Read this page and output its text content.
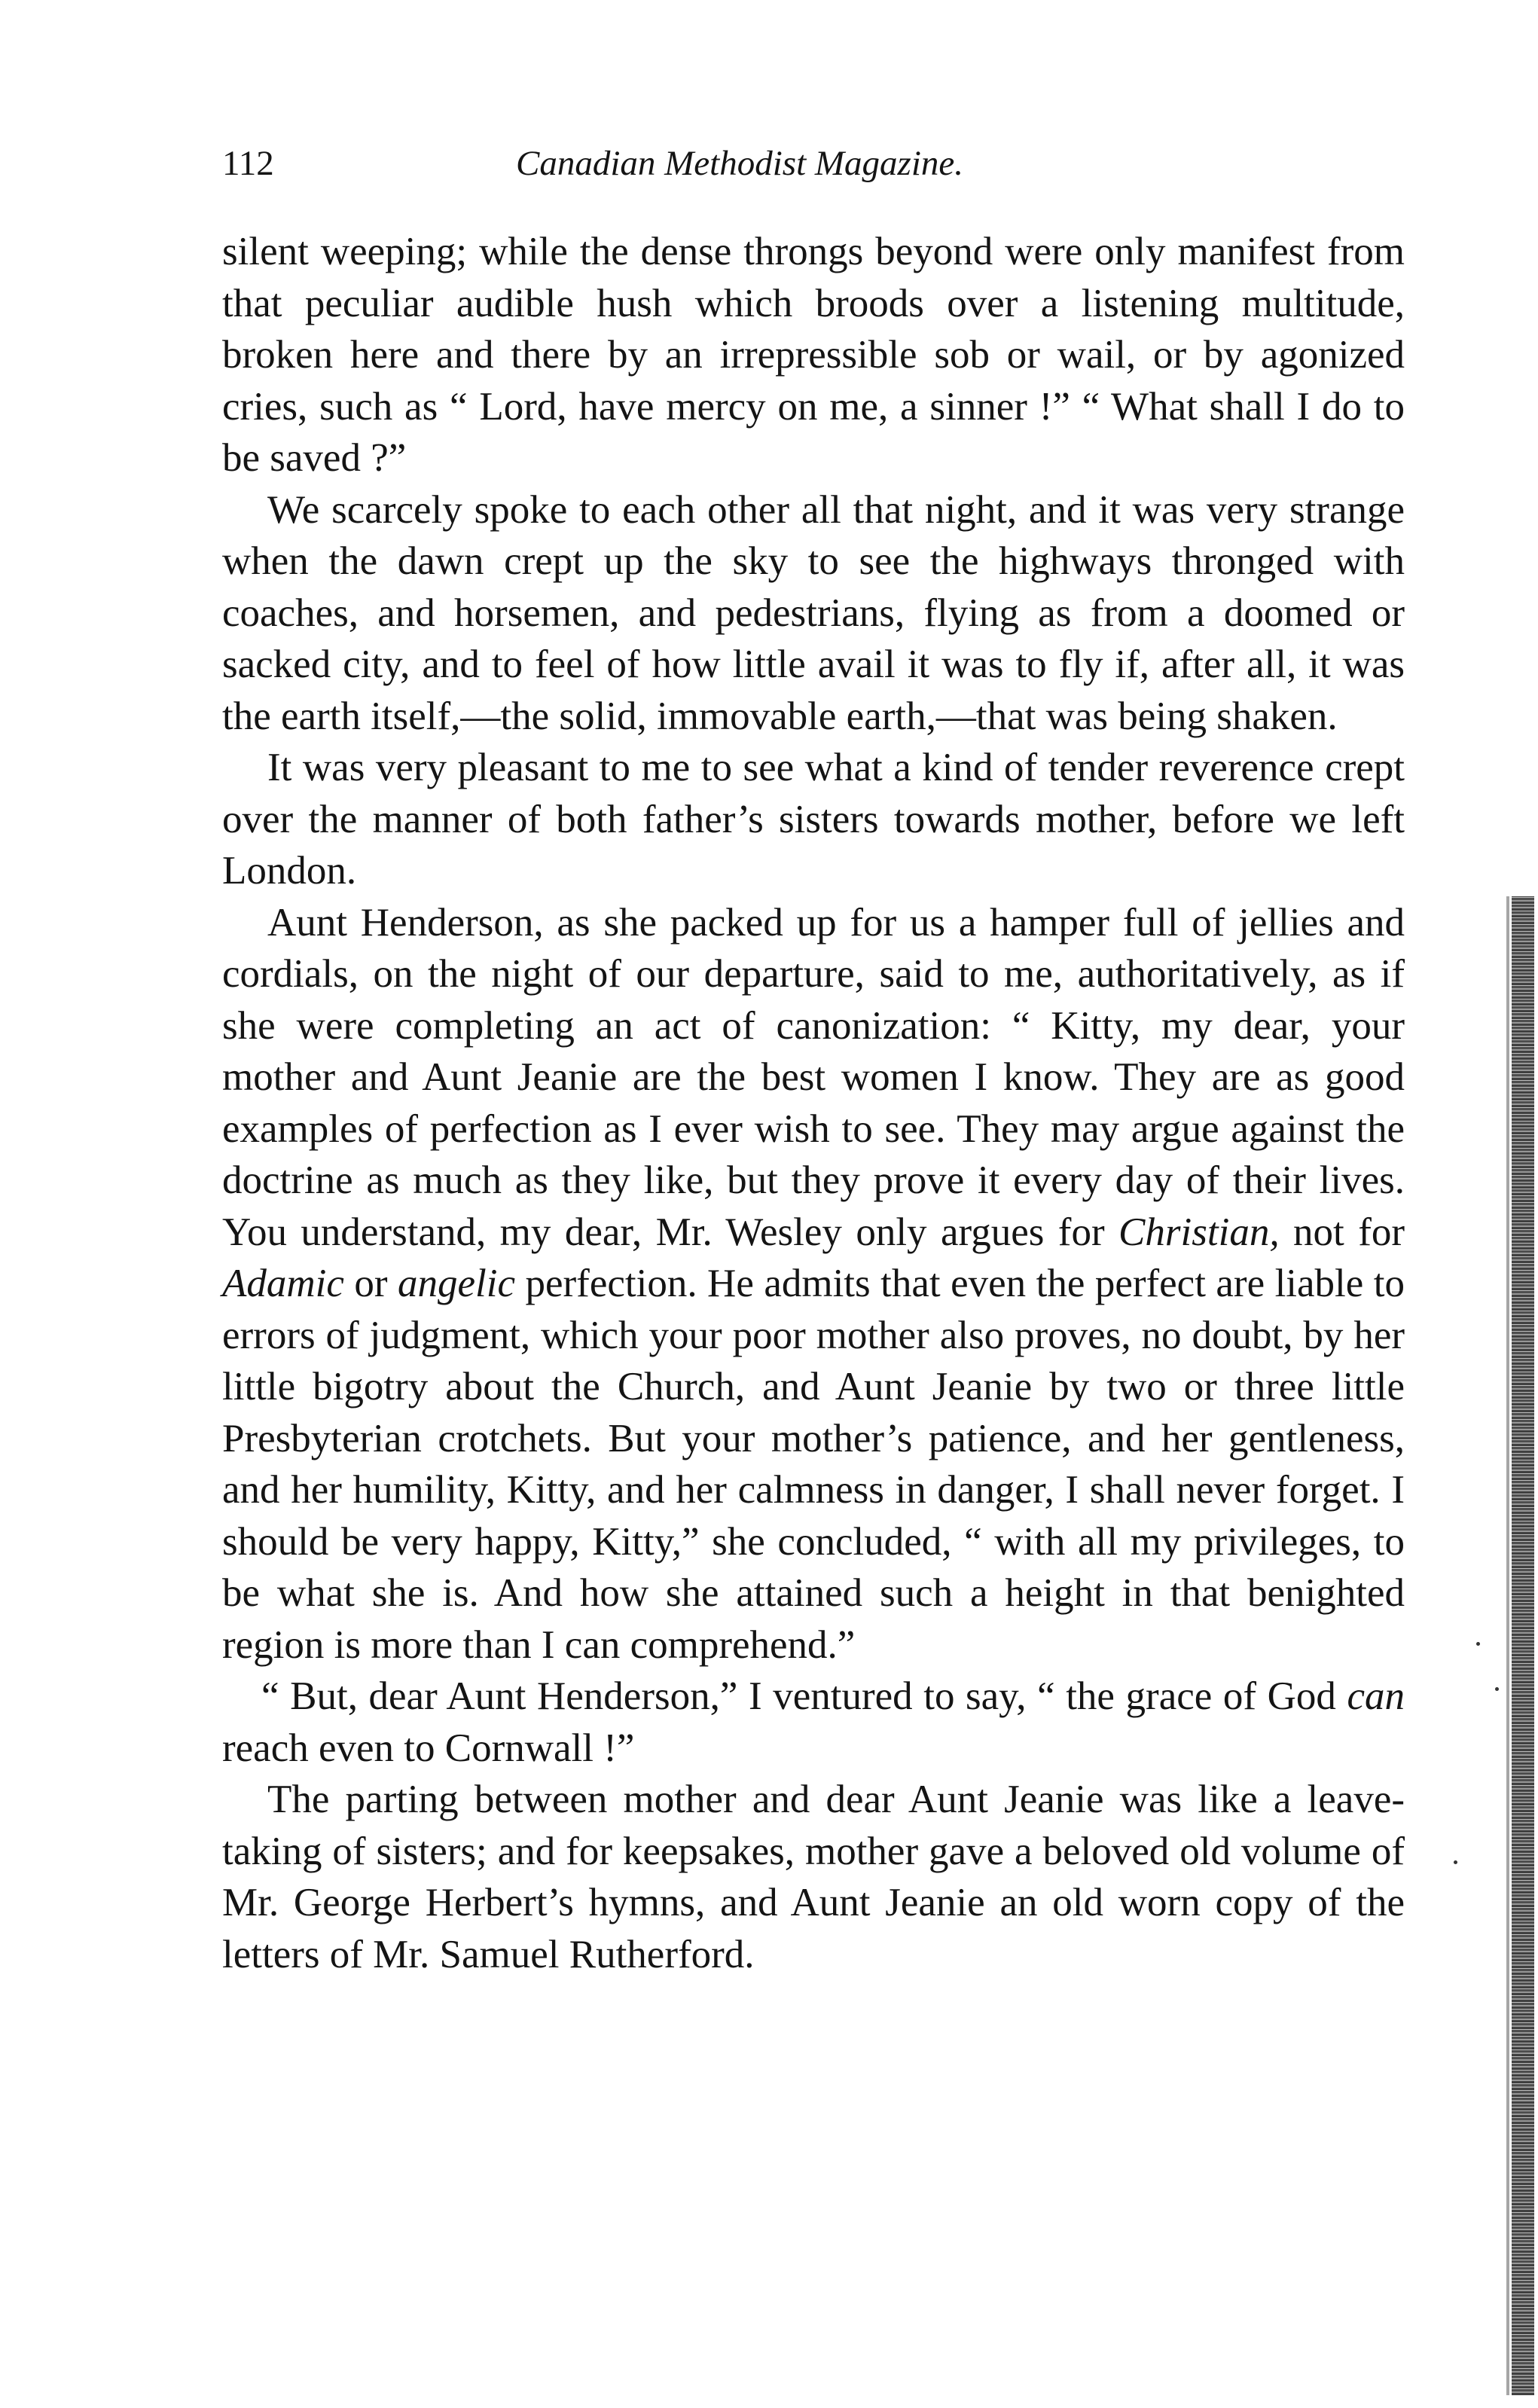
112	Canadian Methodist Magazine.

silent weeping; while the dense throngs beyond were only manifest from that peculiar audible hush which broods over a listening multitude, broken here and there by an irrepressible sob or wail, or by agonized cries, such as “ Lord, have mercy on me, a sinner !” “ What shall I do to be saved ?”

We scarcely spoke to each other all that night, and it was very strange when the dawn crept up the sky to see the highways thronged with coaches, and horsemen, and pedestrians, flying as from a doomed or sacked city, and to feel of how little avail it was to fly if, after all, it was the earth itself,—the solid, immovable earth,—that was being shaken.

It was very pleasant to me to see what a kind of tender reverence crept over the manner of both father’s sisters towards mother, before we left London.

Aunt Henderson, as she packed up for us a hamper full of jellies and cordials, on the night of our departure, said to me, authoritatively, as if she were completing an act of canonization: “ Kitty, my dear, your mother and Aunt Jeanie are the best women I know. They are as good examples of perfection as I ever wish to see. They may argue against the doctrine as much as they like, but they prove it every day of their lives. You understand, my dear, Mr. Wesley only argues for Christian, not for Adamic or angelic perfection. He admits that even the perfect are liable to errors of judgment, which your poor mother also proves, no doubt, by her little bigotry about the Church, and Aunt Jeanie by two or three little Presbyterian crotchets. But your mother’s patience, and her gentleness, and her humility, Kitty, and her calmness in danger, I shall never forget. I should be very happy, Kitty,” she concluded, “ with all my privileges, to be what she is. And how she attained such a height in that benighted region is more than I can comprehend.”

“ But, dear Aunt Henderson,” I ventured to say, “ the grace of God can reach even to Cornwall !”

The parting between mother and dear Aunt Jeanie was like a leave-taking of sisters; and for keepsakes, mother gave a beloved old volume of Mr. George Herbert’s hymns, and Aunt Jeanie an old worn copy of the letters of Mr. Samuel Rutherford.
